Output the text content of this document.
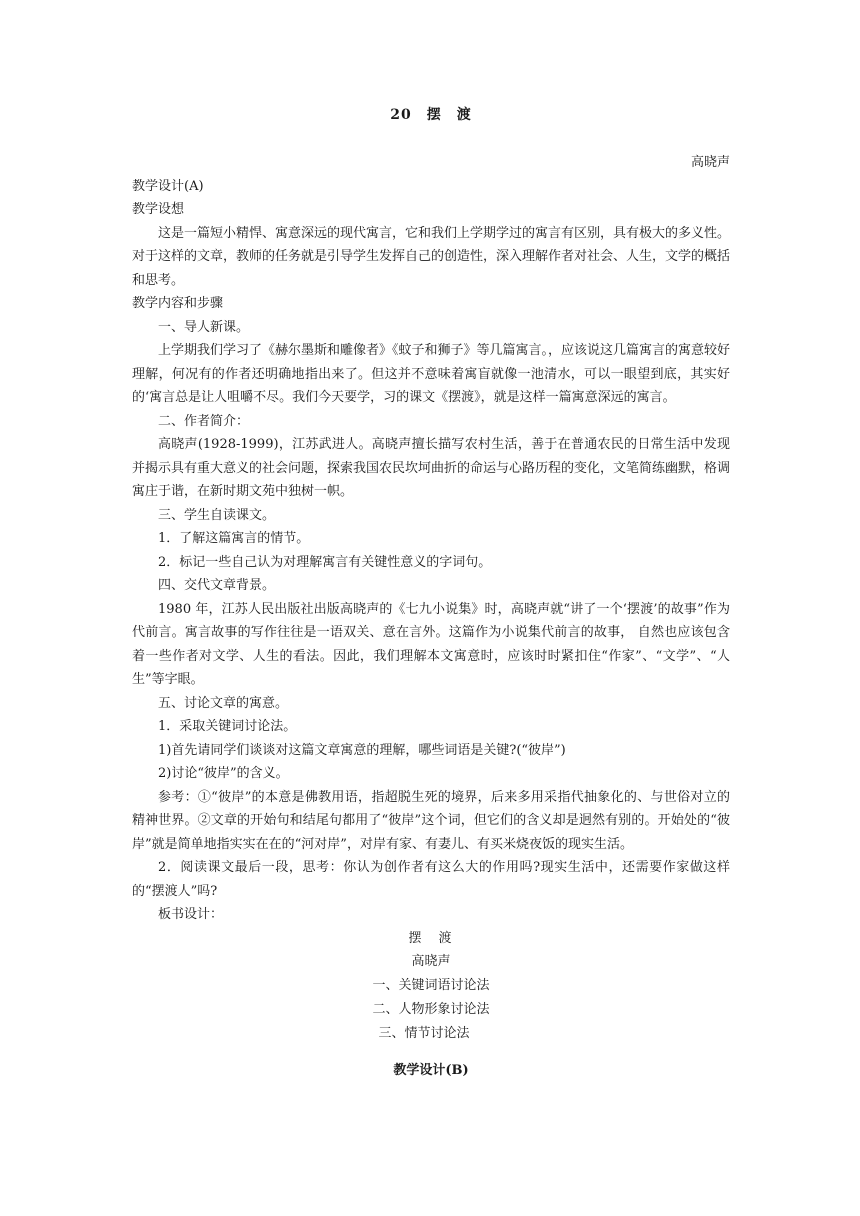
20　摆　渡
高晓声
教学设计(A)
教学设想
这是一篇短小精悍、寓意深远的现代寓言，它和我们上学期学过的寓言有区别，具有极大的多义性。对于这样的文章，教师的任务就是引导学生发挥自己的创造性，深入理解作者对社会、人生，文学的概括和思考。
教学内容和步骤
一、导人新课。
上学期我们学习了《赫尔墨斯和雕像者》《蚊子和狮子》等几篇寓言。，应该说这几篇寓言的寓意较好理解，何况有的作者还明确地指出来了。但这并不意味着寓盲就像一池清水，可以一眼望到底，其实好的‘寓言总是让人咀嚼不尽。我们今天要学，习的课文《摆渡》，就是这样一篇寓意深远的寓言。
二、作者简介：
高晓声(1928-1999)，江苏武进人。高晓声擅长描写农村生活，善于在普通农民的日常生活中发现并揭示具有重大意义的社会问题，探索我国农民坎坷曲折的命运与心路历程的变化，文笔简练幽默，格调寓庄于谐，在新时期文苑中独树一帜。
三、学生自读课文。
1．了解这篇寓言的情节。
2．标记一些自己认为对理解寓言有关键性意义的字词句。
四、交代文章背景。
1980 年，江苏人民出版社出版高晓声的《七九小说集》时，高晓声就“讲了一个‘摆渡’的故事”作为代前言。寓言故事的写作往往是一语双关、意在言外。这篇作为小说集代前言的故事， 自然也应该包含着一些作者对文学、人生的看法。因此，我们理解本文寓意时，应该时时紧扣住“作家”、“文学”、“人生”等字眼。
五、讨论文章的寓意。
1．采取关键词讨论法。
1)首先请同学们谈谈对这篇文章寓意的理解，哪些词语是关键?(“彼岸”)
2)讨论“彼岸”的含义。
参考：①“彼岸”的本意是佛教用语，指超脱生死的境界，后来多用采指代抽象化的、与世俗对立的精神世界。②文章的开始句和结尾句都用了“彼岸”这个词，但它们的含义却是迥然有别的。开始处的“彼岸”就是简单地指实实在在的“河对岸”，对岸有家、有妻儿、有买米烧夜饭的现实生活。
2．阅读课文最后一段，思考：你认为创作者有这么大的作用吗?现实生活中，还需要作家做这样的“摆渡人”吗?
板书设计：
摆　渡
高晓声
一、关键词语讨论法
二、人物形象讨论法
三、情节讨论法
教学设计(B)
